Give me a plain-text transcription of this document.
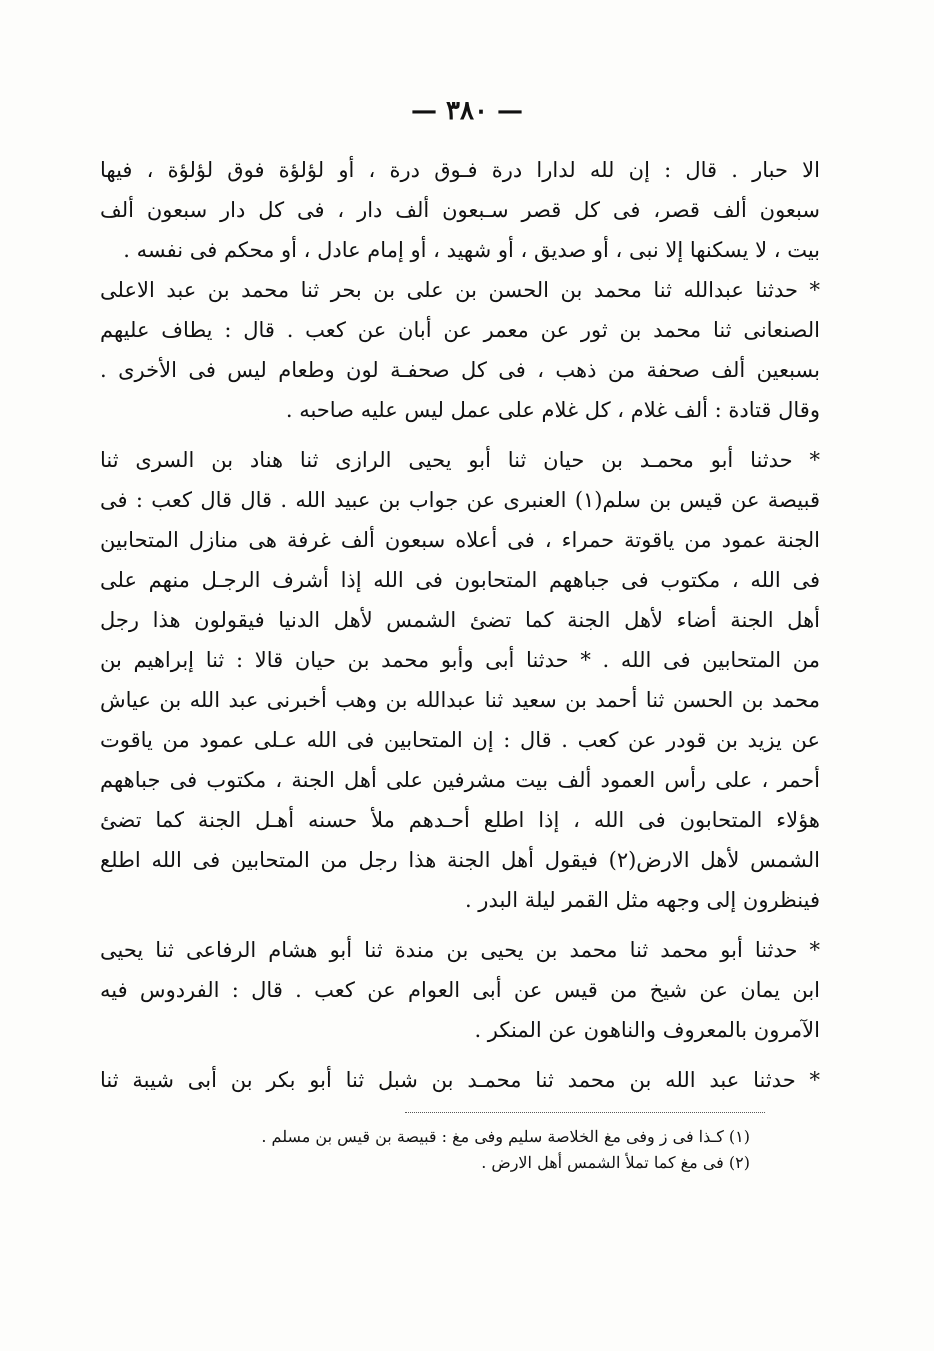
— ٣٨٠ —
الا حبار . قال : إن لله لدارا درة فـوق درة ، أو لؤلؤة فوق لؤلؤة ، فيها
سبعون ألف قصر، فى كل قصر سـبعون ألف دار ، فى كل دار سبعون ألف
بيت ، لا يسكنها إلا نبى ، أو صديق ، أو شهيد ، أو إمام عادل ، أو محكم فى نفسه .
* حدثنا عبدالله ثنا محمد بن الحسن بن على بن بحر ثنا محمد بن عبد الاعلى
الصنعانى ثنا محمد بن ثور عن معمر عن أبان عن كعب . قال : يطاف عليهم
بسبعين ألف صحفة من ذهب ، فى كل صحفـة لون وطعام ليس فى الأخرى .
وقال قتادة : ألف غلام ، كل غلام على عمل ليس عليه صاحبه .
* حدثنا أبو محمـد بن حيان ثنا أبو يحيى الرازى ثنا هناد بن السرى ثنا
قبيصة عن قيس بن سلم(١) العنبرى عن جواب بن عبيد الله . قال قال كعب : فى
الجنة عمود من ياقوتة حمراء ، فى أعلاه سبعون ألف غرفة هى منازل المتحابين
فى الله ، مكتوب فى جباههم المتحابون فى الله إذا أشرف الرجـل منهم على
أهل الجنة أضاء لأهل الجنة كما تضئ الشمس لأهل الدنيا فيقولون هذا رجل
من المتحابين فى الله . * حدثنا أبى وأبو محمد بن حيان قالا : ثنا إبراهيم بن
محمد بن الحسن ثنا أحمد بن سعيد ثنا عبدالله بن وهب أخبرنى عبد الله بن عياش
عن يزيد بن قودر عن كعب . قال : إن المتحابين فى الله عـلى عمود من ياقوت
أحمر ، على رأس العمود ألف بيت مشرفين على أهل الجنة ، مكتوب فى جباههم
هؤلاء المتحابون فى الله ، إذا اطلع أحـدهم ملأ حسنه أهـل الجنة كما تضئ
الشمس لأهل الارض(٢) فيقول أهل الجنة هذا رجل من المتحابين فى الله اطلع
فينظرون إلى وجهه مثل القمر ليلة البدر .
* حدثنا أبو محمد ثنا محمد بن يحيى بن مندة ثنا أبو هشام الرفاعى ثنا يحيى
ابن يمان عن شيخ من قيس عن أبى العوام عن كعب . قال : الفردوس فيه
الآمرون بالمعروف والناهون عن المنكر .
* حدثنا عبد الله بن محمد ثنا محمـد بن شبل ثنا أبو بكر بن أبى شيبة ثنا
(١) كـذا فى ز وفى مغ الخلاصة سليم وفى مغ : قبيصة بن قيس بن مسلم .
(٢) فى مغ كما تملأ الشمس أهل الارض .
